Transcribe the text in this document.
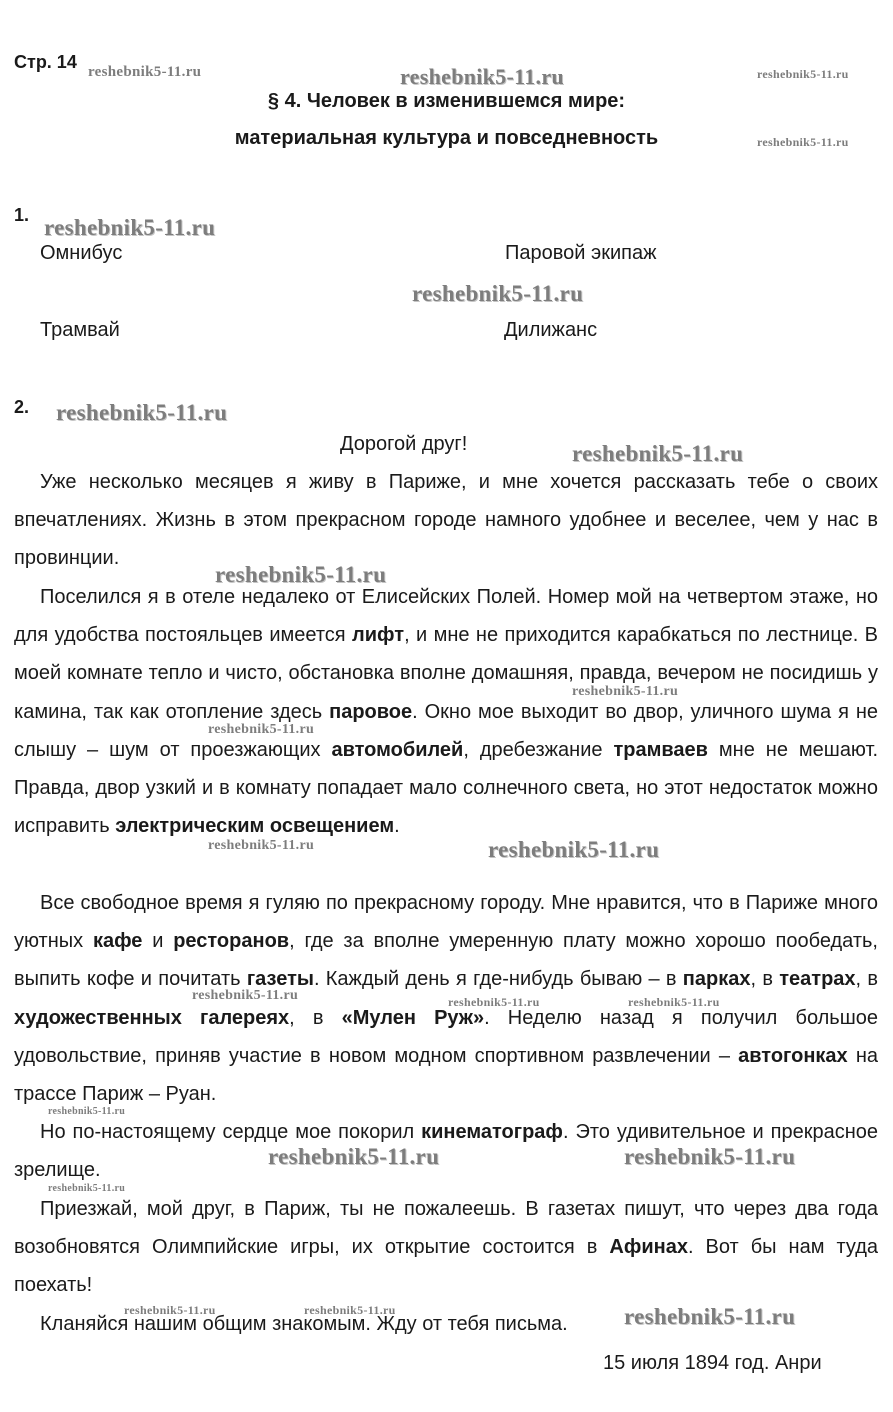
Стр. 14
§ 4. Человек в изменившемся мире:
материальная культура и повседневность
1.
Омнибус	Паровой экипаж
Трамвай	Дилижанс
2.
Дорогой друг!
Уже несколько месяцев я живу в Париже, и мне хочется рассказать тебе о своих впечатлениях. Жизнь в этом прекрасном городе намного удобнее и веселее, чем у нас в провинции.
Поселился я в отеле недалеко от Елисейских Полей. Номер мой на четвертом этаже, но для удобства постояльцев имеется лифт, и мне не приходится карабкаться по лестнице. В моей комнате тепло и чисто, обстановка вполне домашняя, правда, вечером не посидишь у камина, так как отопление здесь паровое. Окно мое выходит во двор, уличного шума я не слышу – шум от проезжающих автомобилей, дребезжание трамваев мне не мешают. Правда, двор узкий и в комнату попадает мало солнечного света, но этот недостаток можно исправить электрическим освещением.
Все свободное время я гуляю по прекрасному городу. Мне нравится, что в Париже много уютных кафе и ресторанов, где за вполне умеренную плату можно хорошо пообедать, выпить кофе и почитать газеты. Каждый день я где-нибудь бываю – в парках, в театрах, в художественных галереях, в «Мулен Руж». Неделю назад я получил большое удовольствие, приняв участие в новом модном спортивном развлечении – автогонках на трассе Париж – Руан.
Но по-настоящему сердце мое покорил кинематограф. Это удивительное и прекрасное зрелище.
Приезжай, мой друг, в Париж, ты не пожалеешь. В газетах пишут, что через два года возобновятся Олимпийские игры, их открытие состоится в Афинах. Вот бы нам туда поехать!
Кланяйся нашим общим знакомым. Жду от тебя письма.
15 июля 1894 год. Анри
reshebnik5-11.ru	reshebnik5-11.ru	reshebnik5-11.ru
reshebnik5-11.ru
reshebnik5-11.ru
reshebnik5-11.ru
reshebnik5-11.ru
reshebnik5-11.ru
reshebnik5-11.ru
reshebnik5-11.ru
reshebnik5-11.ru
reshebnik5-11.ru	reshebnik5-11.ru
reshebnik5-11.ru	reshebnik5-11.ru	reshebnik5-11.ru
reshebnik5-11.ru
reshebnik5-11.ru	reshebnik5-11.ru
reshebnik5-11.ru
reshebnik5-11.ru	reshebnik5-11.ru	reshebnik5-11.ru
